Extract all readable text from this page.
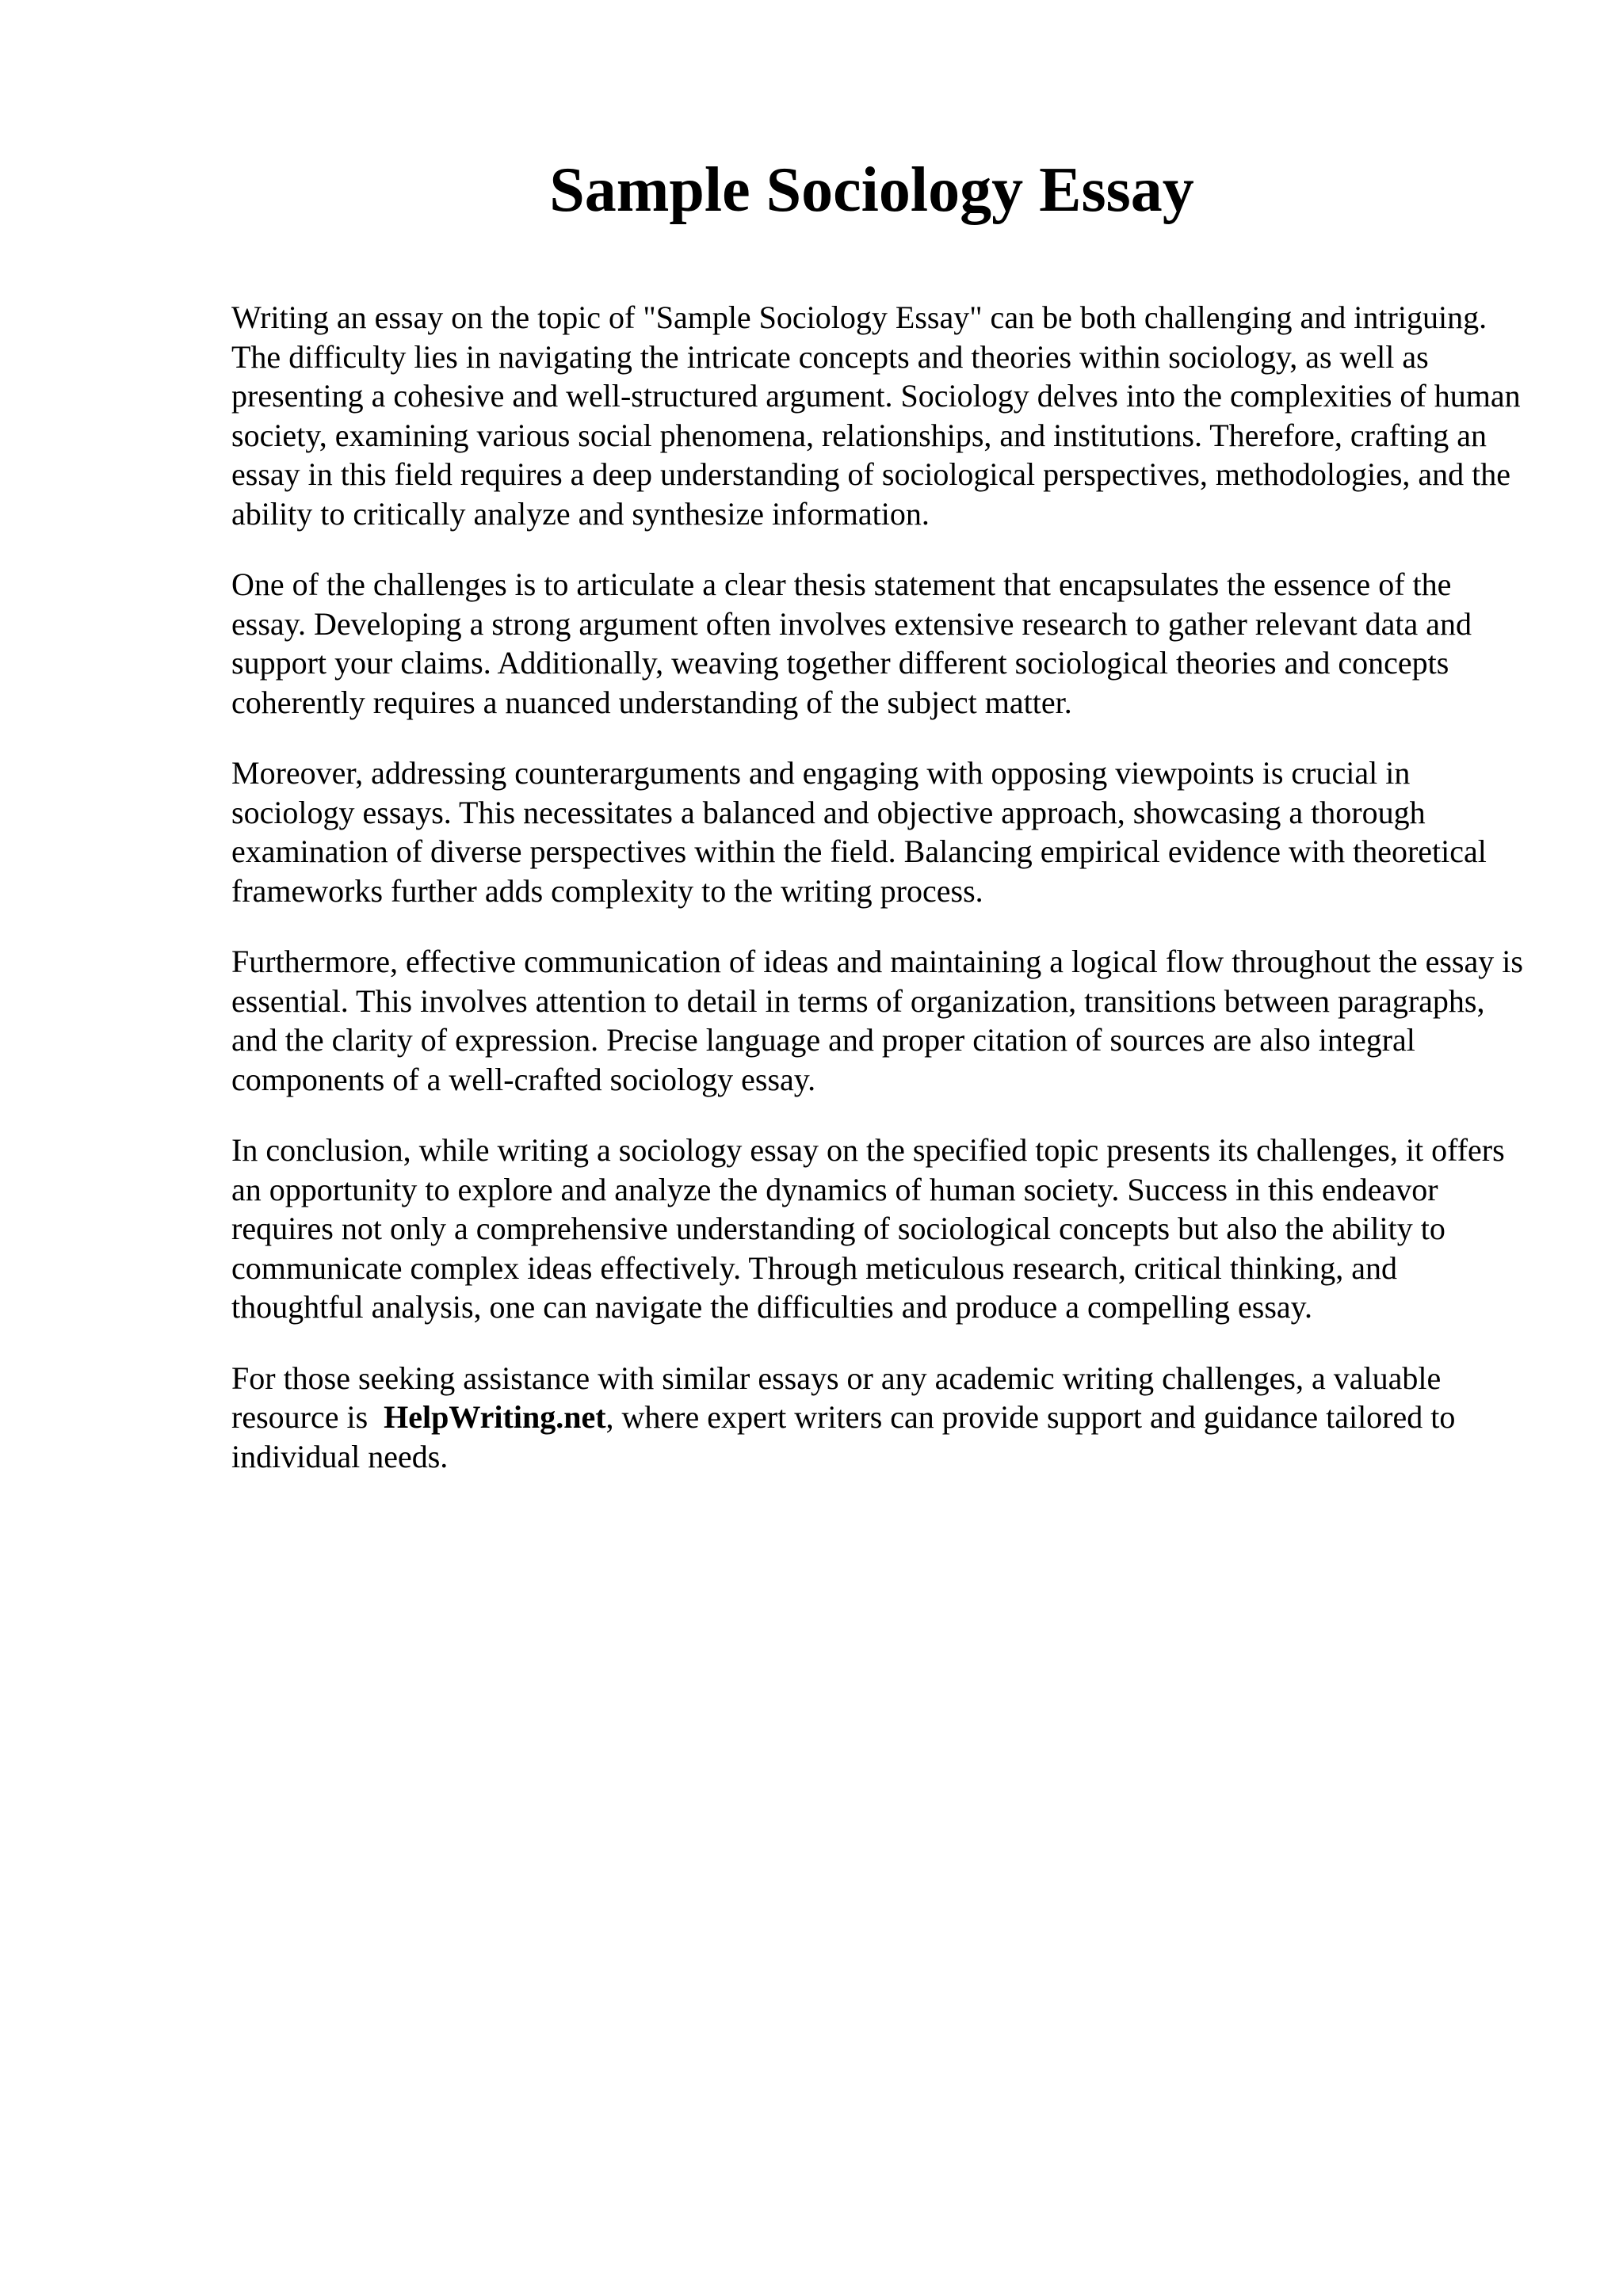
Sample Sociology Essay

Writing an essay on the topic of "Sample Sociology Essay" can be both challenging and intriguing. The difficulty lies in navigating the intricate concepts and theories within sociology, as well as presenting a cohesive and well-structured argument. Sociology delves into the complexities of human society, examining various social phenomena, relationships, and institutions. Therefore, crafting an essay in this field requires a deep understanding of sociological perspectives, methodologies, and the ability to critically analyze and synthesize information.

One of the challenges is to articulate a clear thesis statement that encapsulates the essence of the essay. Developing a strong argument often involves extensive research to gather relevant data and support your claims. Additionally, weaving together different sociological theories and concepts coherently requires a nuanced understanding of the subject matter.

Moreover, addressing counterarguments and engaging with opposing viewpoints is crucial in sociology essays. This necessitates a balanced and objective approach, showcasing a thorough examination of diverse perspectives within the field. Balancing empirical evidence with theoretical frameworks further adds complexity to the writing process.

Furthermore, effective communication of ideas and maintaining a logical flow throughout the essay is essential. This involves attention to detail in terms of organization, transitions between paragraphs, and the clarity of expression. Precise language and proper citation of sources are also integral components of a well-crafted sociology essay.

In conclusion, while writing a sociology essay on the specified topic presents its challenges, it offers an opportunity to explore and analyze the dynamics of human society. Success in this endeavor requires not only a comprehensive understanding of sociological concepts but also the ability to communicate complex ideas effectively. Through meticulous research, critical thinking, and thoughtful analysis, one can navigate the difficulties and produce a compelling essay.

For those seeking assistance with similar essays or any academic writing challenges, a valuable resource is HelpWriting.net, where expert writers can provide support and guidance tailored to individual needs.
